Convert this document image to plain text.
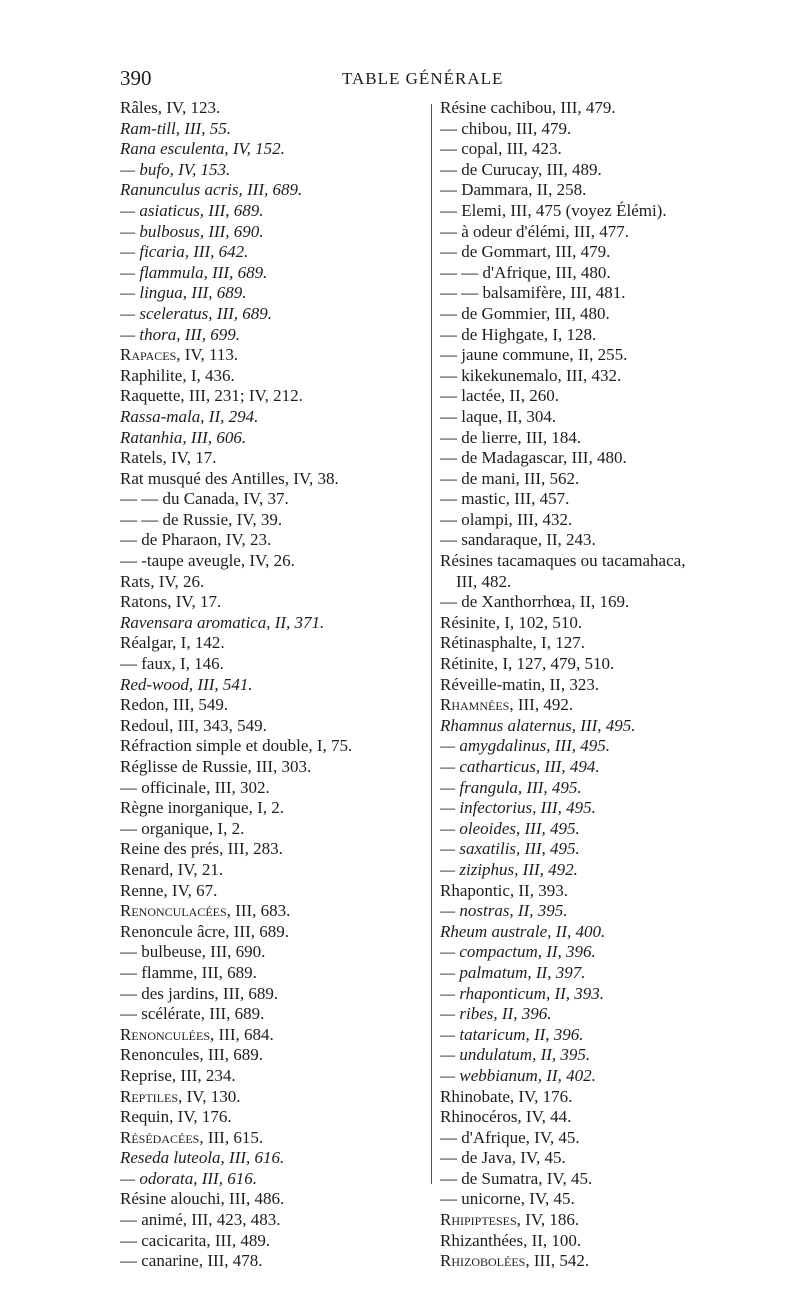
390	TABLE GÉNÉRALE
Râles, IV, 123.
Ram-till, III, 55.
Rana esculenta, IV, 152.
— bufo, IV, 153.
Ranunculus acris, III, 689.
— asiaticus, III, 689.
— bulbosus, III, 690.
— ficaria, III, 642.
— flammula, III, 689.
— lingua, III, 689.
— sceleratus, III, 689.
— thora, III, 699.
Rapaces, IV, 113.
Raphilite, I, 436.
Raquette, III, 231; IV, 212.
Rassa-mala, II, 294.
Ratanhia, III, 606.
Ratels, IV, 17.
Rat musqué des Antilles, IV, 38.
— — du Canada, IV, 37.
— — de Russie, IV, 39.
— de Pharaon, IV, 23.
— -taupe aveugle, IV, 26.
Rats, IV, 26.
Ratons, IV, 17.
Ravensara aromatica, II, 371.
Réalgar, I, 142.
— faux, I, 146.
Red-wood, III, 541.
Redon, III, 549.
Redoul, III, 343, 549.
Réfraction simple et double, I, 75.
Réglisse de Russie, III, 303.
— officinale, III, 302.
Règne inorganique, I, 2.
— organique, I, 2.
Reine des prés, III, 283.
Renard, IV, 21.
Renne, IV, 67.
Renonculacées, III, 683.
Renoncule âcre, III, 689.
— bulbeuse, III, 690.
— flamme, III, 689.
— des jardins, III, 689.
— scélérate, III, 689.
Renonculées, III, 684.
Renoncules, III, 689.
Reprise, III, 234.
Reptiles, IV, 130.
Requin, IV, 176.
Résédacées, III, 615.
Reseda luteola, III, 616.
— odorata, III, 616.
Résine alouchi, III, 486.
— animé, III, 423, 483.
— cacicarita, III, 489.
— canarine, III, 478.
Résine cachibou, III, 479.
— chibou, III, 479.
— copal, III, 423.
— de Curucay, III, 489.
— Dammara, II, 258.
— Elemi, III, 475 (voyez Élémi).
— à odeur d'élémi, III, 477.
— de Gommart, III, 479.
— — d'Afrique, III, 480.
— — balsamifère, III, 481.
— de Gommier, III, 480.
— de Highgate, I, 128.
— jaune commune, II, 255.
— kikekunemalo, III, 432.
— lactée, II, 260.
— laque, II, 304.
— de lierre, III, 184.
— de Madagascar, III, 480.
— de mani, III, 562.
— mastic, III, 457.
— olampi, III, 432.
— sandaraque, II, 243.
Résines tacamaques ou tacamahaca,
III, 482.
— de Xanthorrhœa, II, 169.
Résinite, I, 102, 510.
Rétinasphalte, I, 127.
Rétinite, I, 127, 479, 510.
Réveille-matin, II, 323.
Rhamnées, III, 492.
Rhamnus alaternus, III, 495.
— amygdalinus, III, 495.
— catharticus, III, 494.
— frangula, III, 495.
— infectorius, III, 495.
— oleoides, III, 495.
— saxatilis, III, 495.
— ziziphus, III, 492.
Rhapontic, II, 393.
— nostras, II, 395.
Rheum australe, II, 400.
— compactum, II, 396.
— palmatum, II, 397.
— rhaponticum, II, 393.
— ribes, II, 396.
— tataricum, II, 396.
— undulatum, II, 395.
— webbianum, II, 402.
Rhinobate, IV, 176.
Rhinocéros, IV, 44.
— d'Afrique, IV, 45.
— de Java, IV, 45.
— de Sumatra, IV, 45.
— unicorne, IV, 45.
Rhipipteses, IV, 186.
Rhizanthées, II, 100.
Rhizobolées, III, 542.
